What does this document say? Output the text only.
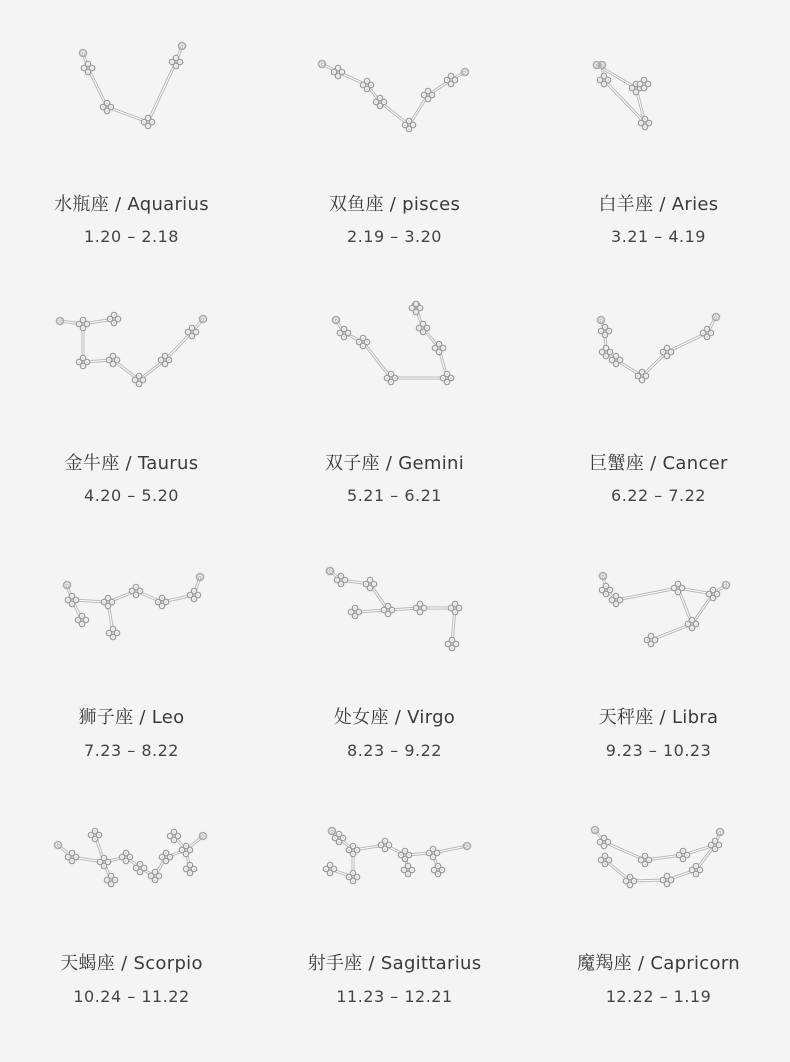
水瓶座 / Aquarius
1.20 – 2.18
双鱼座 / pisces
2.19 – 3.20
白羊座 / Aries
3.21 – 4.19
金牛座 / Taurus
4.20 – 5.20
双子座 / Gemini
5.21 – 6.21
巨蟹座 / Cancer
6.22 – 7.22
狮子座 / Leo
7.23 – 8.22
处女座 / Virgo
8.23 – 9.22
天秤座 / Libra
9.23 – 10.23
天蝎座 / Scorpio
10.24 – 11.22
射手座 / Sagittarius
11.23 – 12.21
魔羯座 / Capricorn
12.22 – 1.19
